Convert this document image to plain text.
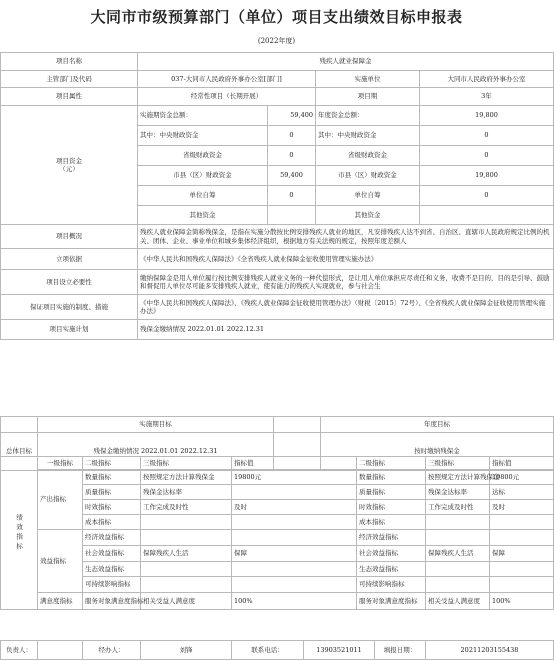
大同市市级预算部门（单位）项目支出绩效目标申报表
(2022年度)
项目名称	残疾人就业保障金			
主管部门及代码	037-大同市人民政府外事办公室[部门]		实施单位	大同市人民政府外事办公室
项目属性	经常性项目（长期开展）		项目期	3年

项目资金
（元）	实施期资金总额：	59,400	年度资金总额：	19,800
	其中：中央财政资金	0	其中：中央财政资金	0
	省级财政资金	0	省级财政资金	0
	市县（区）财政资金	59,400	市县（区）财政资金	19,800
	单位自筹	0	单位自筹	0
	其他资金		其他资金	
项目概况	残疾人就业保障金简称残保金，是指在实施分散按比例安排残疾人就业的地区，凡安排残疾人达不到省、自治区、直辖市人民政府规定比例的机关、团体、企业、事业单位和城乡集体经济组织，根据地方有关法规的规定，按照年度差额人			
立项依据	《中华人民共和国残疾人保障法》《全省残疾人就业保障金征收使用管理实施办法》			
项目设立必要性	缴纳保障金是用人单位履行按比例安排残疾人就业义务的一种代偿形式，是让用人单位承担应尽责任和义务，收费不是目的，目的是引导、鼓励和督促用人单位尽可能多安排残疾人就业，使有能力的残疾人实现就业，参与社会生			
保证项目实施的制度、措施	《中华人民共和国残疾人保障法》、《残疾人就业保障金征收使用管理办法》（财税〔2015〕72号）、《全省残疾人就业保障金征收使用管理实施办法》			
项目实施计划	残保金缴纳情况 2022.01.01 2022.12.31			
	实施期目标		年度目标
总体目标	残保金缴纳情况 2022.01.01 2022.12.31		按时缴纳残保金
绩效指标	一级指标	二级指标	三级指标	指标值	二级指标	三级指标	指标值
	产出指标	数量指标	按照规定方法计算残保金	19800元	数量指标	按照规定方法计算残保金	19800元
		质量指标	残保金达标率		质量指标	残保金达标率	达标
		时效指标	工作完成及时性	及时	时效指标	工作完成及时性	及时
		成本指标			成本指标		
	效益指标	经济效益指标			经济效益指标		
		社会效益指标	保障残疾人生活	保障	社会效益指标	保障残疾人生活	保障
		生态效益指标			生态效益指标		
		可持续影响指标			可持续影响指标		
	满意度指标	服务对象满意度指标	相关受益人满意度	100%	服务对象满意度指标	相关受益人满意度	100%
负责人：		经办人：	刘锋	联系电话：	13903521011	填报日期：	20211203155438
